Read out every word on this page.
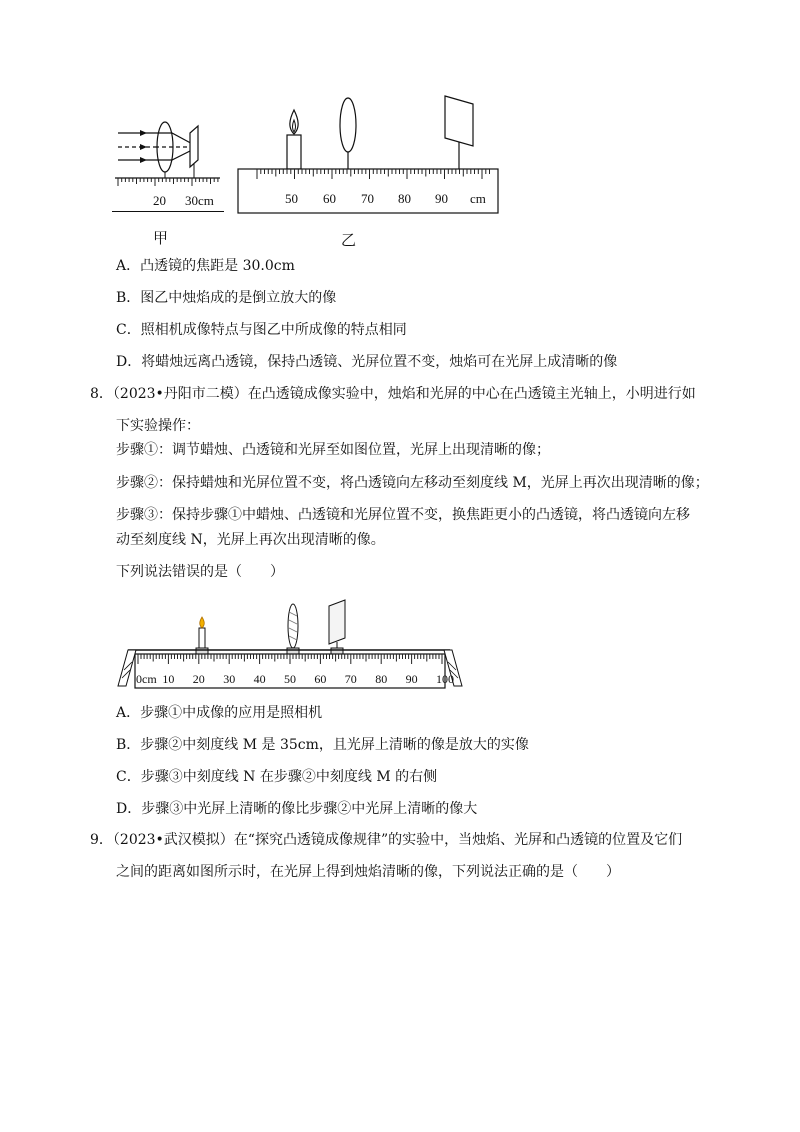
20 30cm
甲
50 60 70 80 90 cm
乙
A．凸透镜的焦距是 30.0cm
B．图乙中烛焰成的是倒立放大的像
C．照相机成像特点与图乙中所成像的特点相同
D．将蜡烛远离凸透镜，保持凸透镜、光屏位置不变，烛焰可在光屏上成清晰的像
8．（2023•丹阳市二模）在凸透镜成像实验中，烛焰和光屏的中心在凸透镜主光轴上，小明进行如
下实验操作：
步骤①：调节蜡烛、凸透镜和光屏至如图位置，光屏上出现清晰的像；
步骤②：保持蜡烛和光屏位置不变，将凸透镜向左移动至刻度线 M，光屏上再次出现清晰的像；
步骤③：保持步骤①中蜡烛、凸透镜和光屏位置不变，换焦距更小的凸透镜，将凸透镜向左移
动至刻度线 N，光屏上再次出现清晰的像。
下列说法错误的是（　　）
0cm 10 20 30 40 50 60 70 80 90 100
A．步骤①中成像的应用是照相机
B．步骤②中刻度线 M 是 35cm，且光屏上清晰的像是放大的实像
C．步骤③中刻度线 N 在步骤②中刻度线 M 的右侧
D．步骤③中光屏上清晰的像比步骤②中光屏上清晰的像大
9．（2023•武汉模拟）在“探究凸透镜成像规律”的实验中，当烛焰、光屏和凸透镜的位置及它们
之间的距离如图所示时，在光屏上得到烛焰清晰的像，下列说法正确的是（　　）
